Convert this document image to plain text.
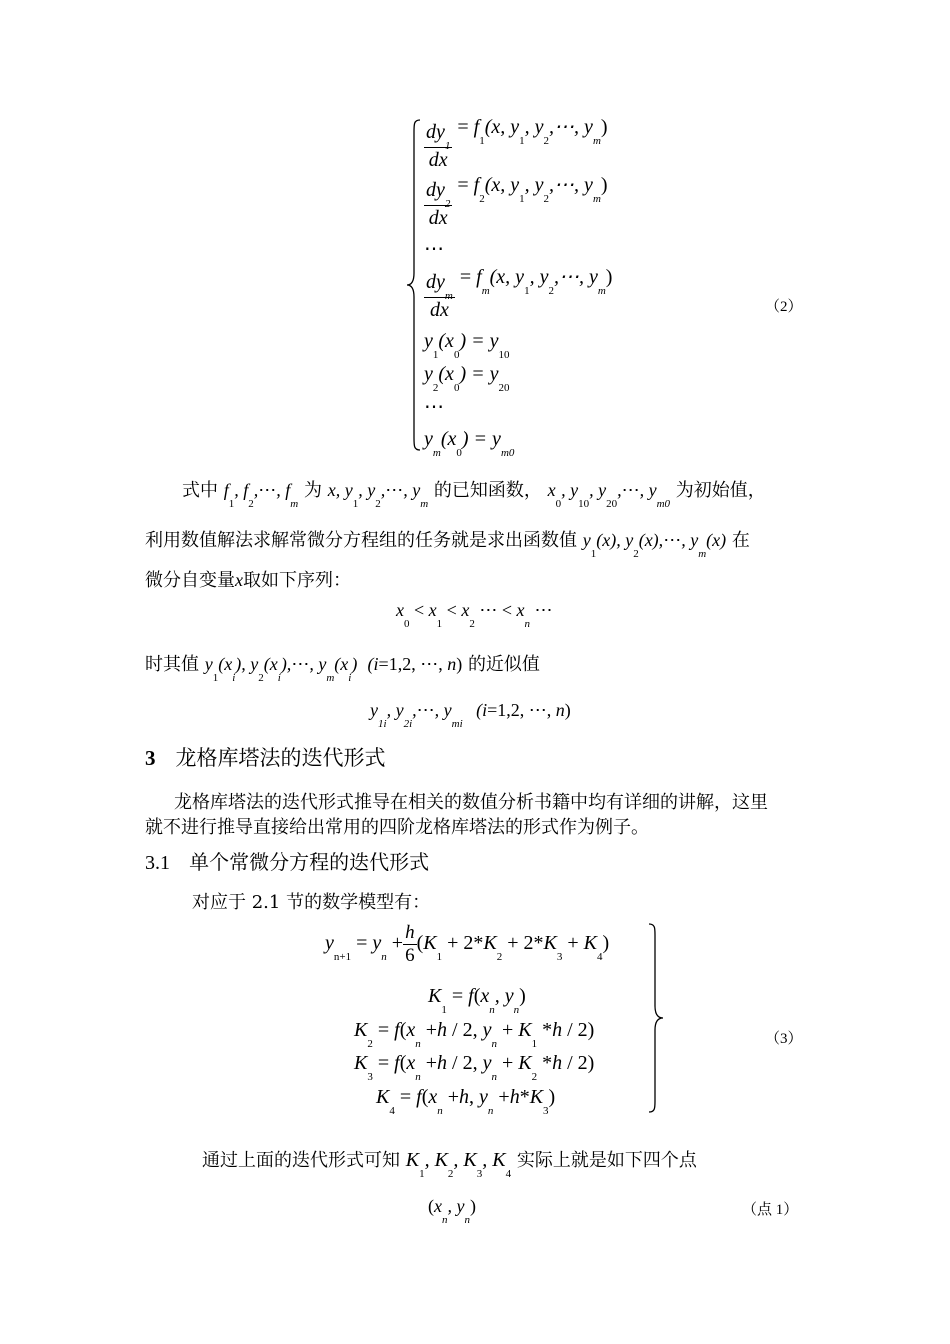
$\frac{dy_1}{dx} = f_1(x$, $y_1$, $y_2,\cdots$, $y_m$)
$\frac{dy_2}{dx} = f_2(x$, $y_1$, $y_2,\cdots$, $y_m$)
⋯
$\frac{dy_m}{dx} = f_m(x$, $y_1$, $y_2,\cdots$, $y_m$)
（2）
$y_1(x_0) = y_{10}$
$y_2(x_0) = y_{20}$
⋯
$y_m(x_0) = y_{m0}$
式中 $f_1$, $f_2,\cdots$, $f_m$ 为 x, $y_1$, $y_2,\cdots$, $y_m$ 的已知函数， $x_0$, $y_{10}$, $y_{20},\cdots$, $y_{m0}$ 为初始值，
利用数值解法求解常微分方程组的任务就是求出函数值 $y_1(x)$, $y_2(x),\cdots$, $y_m(x)$ 在
微分自变量x取如下序列：
$x_0 < x_1 < x_2$ ⋯ < $x_n$ ⋯
时其值 $y_1(x_i)$, $y_2(x_i),\cdots$, $y_m(x_i)$  (i=1,2, ⋯, n) 的近似值
$y_{1i}$, $y_{2i},\cdots$, $y_{mi}$   (i=1,2, ⋯, n)
3 龙格库塔法的迭代形式
龙格库塔法的迭代形式推导在相关的数值分析书籍中均有详细的讲解，这里
就不进行推导直接给出常用的四阶龙格库塔法的形式作为例子。
3.1 单个常微分方程的迭代形式
对应于 2.1 节的数学模型有：
$y_{n+1} = y_n + \frac{h}{6} (K_1 + 2*K_2 + 2*K_3 + K_4)$
$K_1 = f(x_n$, $y_n$)
$K_2 = f(x_n +h / 2$, $y_n + K_1$ *h / 2)
$K_3 = f(x_n +h / 2$, $y_n + K_2$ *h / 2)
$K_4 = f(x_n +h$, $y_n +h*K_3$)
（3）
通过上面的迭代形式可知 $K_1$, $K_2$, $K_3$, $K_4$ 实际上就是如下四个点
($x_n$, $y_n$)	（点 1）
